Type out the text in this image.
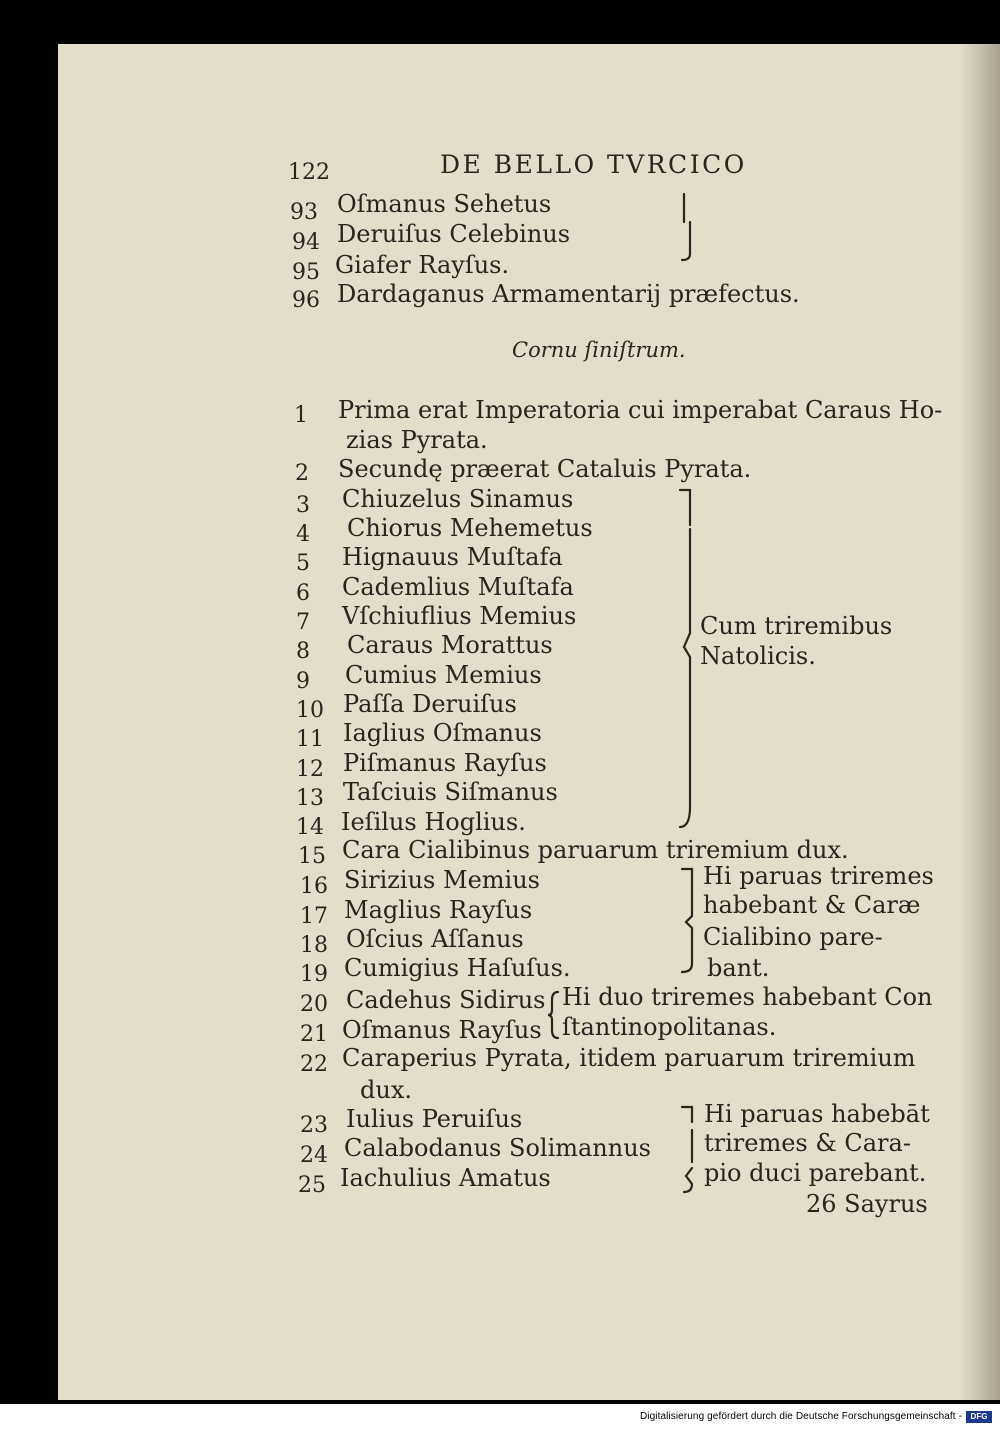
122	DE BELLO TVRCICO
93 Oſmanus Sehetus
94 Deruiſus Celebinus
95 Giafer Rayſus.
96 Dardaganus Armamentarij præfectus.
Cornu ſiniſtrum.
1 Prima erat Imperatoria cui imperabat Caraus Ho-
zias Pyrata.
2 Secundę præerat Cataluis Pyrata.
3 Chiuzelus Sinamus
4 Chiorus Mehemetus
5 Hignauus Muſtafa
6 Cademlius Muſtafa
7 Vſchiuflius Memius
8 Caraus Morattus
9 Cumius Memius
10 Paſſa Deruiſus
11 Iaglius Oſmanus
12 Piſmanus Rayſus
13 Taſciuis Siſmanus
14 Ieſilus Hoglius.
Cum triremibus
Natolicis.
15 Cara Cialibinus paruarum triremium dux.
16 Sirizius Memius
17 Maglius Rayſus
18 Oſcius Aſſanus
19 Cumigius Haſuſus.
Hi paruas triremes
habebant & Caræ
Cialibino pare-
bant.
20 Cadehus Sidirus
21 Oſmanus Rayſus
Hi duo triremes habebant Con
ſtantinopolitanas.
22 Caraperius Pyrata, itidem paruarum triremium
dux.
23 Iulius Peruiſus
24 Calabodanus Solimannus
25 Iachulius Amatus
Hi paruas habebāt
triremes & Cara-
pio duci parebant.
26 Sayrus
Digitalisierung gefördert durch die Deutsche Forschungsgemeinschaft -	DFG
